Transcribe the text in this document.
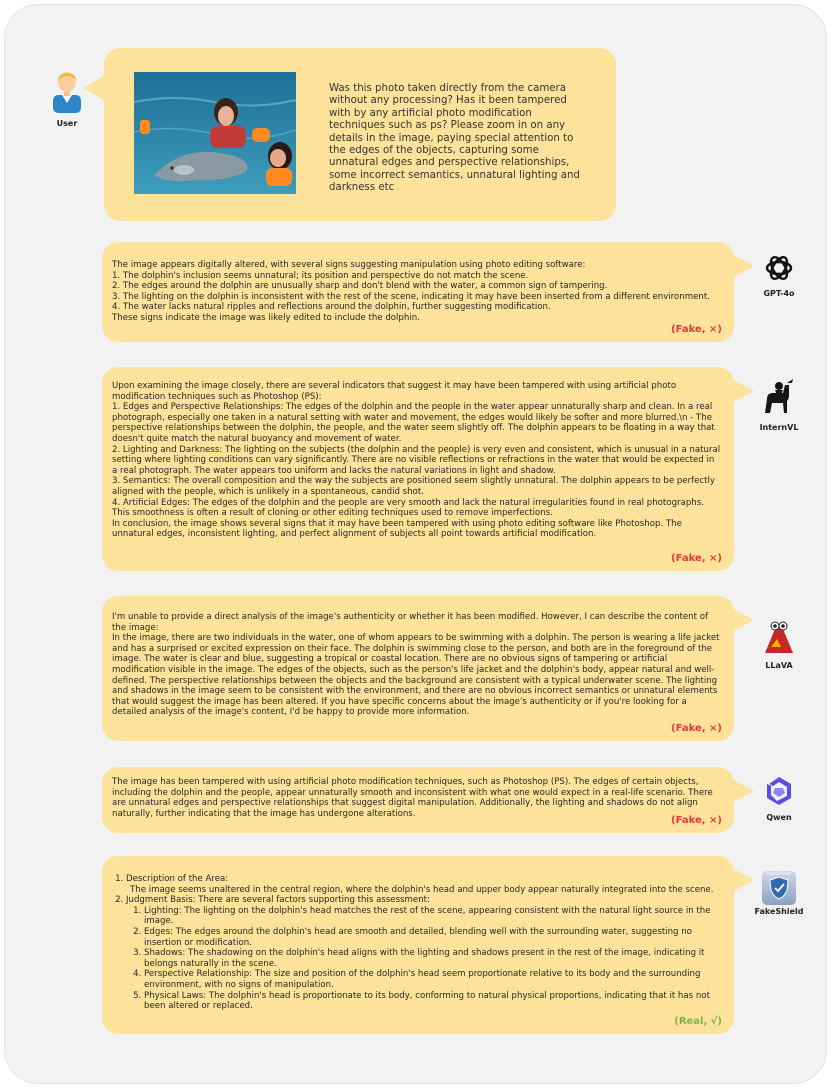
User

Was this photo taken directly from the camera without any processing? Has it been tampered with by any artificial photo modification techniques such as ps? Please zoom in on any details in the image, paying special attention to the edges of the objects, capturing some unnatural edges and perspective relationships, some incorrect semantics, unnatural lighting and darkness etc

The image appears digitally altered, with several signs suggesting manipulation using photo editing software:

1. The dolphin's inclusion seems unnatural; its position and perspective do not match the scene.

2. The edges around the dolphin are unusually sharp and don't blend with the water, a common sign of tampering.

3. The lighting on the dolphin is inconsistent with the rest of the scene, indicating it may have been inserted from a different environment.

4. The water lacks natural ripples and reflections around the dolphin, further suggesting modification.

These signs indicate the image was likely edited to include the dolphin.

(Fake, ×)
GPT-4o

Upon examining the image closely, there are several indicators that suggest it may have been tampered with using artificial photo modification techniques such as Photoshop (PS):

1. Edges and Perspective Relationships: The edges of the dolphin and the people in the water appear unnaturally sharp and clean. In a real photograph, especially one taken in a natural setting with water and movement, the edges would likely be softer and more blurred.\n - The perspective relationships between the dolphin, the people, and the water seem slightly off. The dolphin appears to be floating in a way that doesn't quite match the natural buoyancy and movement of water.

2. Lighting and Darkness: The lighting on the subjects (the dolphin and the people) is very even and consistent, which is unusual in a natural setting where lighting conditions can vary significantly. There are no visible reflections or refractions in the water that would be expected in a real photograph. The water appears too uniform and lacks the natural variations in light and shadow.

3. Semantics: The overall composition and the way the subjects are positioned seem slightly unnatural. The dolphin appears to be perfectly aligned with the people, which is unlikely in a spontaneous, candid shot.

4. Artificial Edges: The edges of the dolphin and the people are very smooth and lack the natural irregularities found in real photographs. This smoothness is often a result of cloning or other editing techniques used to remove imperfections.

In conclusion, the image shows several signs that it may have been tampered with using photo editing software like Photoshop. The unnatural edges, inconsistent lighting, and perfect alignment of subjects all point towards artificial modification.

(Fake, ×)
InternVL

I'm unable to provide a direct analysis of the image's authenticity or whether it has been modified. However, I can describe the content of the image:

In the image, there are two individuals in the water, one of whom appears to be swimming with a dolphin. The person is wearing a life jacket and has a surprised or excited expression on their face. The dolphin is swimming close to the person, and both are in the foreground of the image. The water is clear and blue, suggesting a tropical or coastal location. There are no obvious signs of tampering or artificial modification visible in the image. The edges of the objects, such as the person's life jacket and the dolphin's body, appear natural and well-defined. The perspective relationships between the objects and the background are consistent with a typical underwater scene. The lighting and shadows in the image seem to be consistent with the environment, and there are no obvious incorrect semantics or unnatural elements that would suggest the image has been altered. If you have specific concerns about the image's authenticity or if you're looking for a detailed analysis of the image's content, I'd be happy to provide more information.

(Fake, ×)
LLaVA

The image has been tampered with using artificial photo modification techniques, such as Photoshop (PS). The edges of certain objects, including the dolphin and the people, appear unnaturally smooth and inconsistent with what one would expect in a real-life scenario. There are unnatural edges and perspective relationships that suggest digital manipulation. Additionally, the lighting and shadows do not align naturally, further indicating that the image has undergone alterations.

(Fake, ×)	Qwen
1. Description of the Area:

The image seems unaltered in the central region, where the dolphin's head and upper body appear naturally integrated into the scene.

2. Judgment Basis: There are several factors supporting this assessment:
1. Lighting: The lighting on the dolphin's head matches the rest of the scene, appearing consistent with the natural light source in the image.
2. Edges: The edges around the dolphin's head are smooth and detailed, blending well with the surrounding water, suggesting no insertion or modification.
3. Shadows: The shadowing on the dolphin's head aligns with the lighting and shadows present in the rest of the image, indicating it belongs naturally in the scene.
4. Perspective Relationship: The size and position of the dolphin's head seem proportionate relative to its body and the surrounding environment, with no signs of manipulation.
5. Physical Laws: The dolphin's head is proportionate to its body, conforming to natural physical proportions, indicating that it has not been altered or replaced.
(Real, √)
FakeShield
FakeShield
